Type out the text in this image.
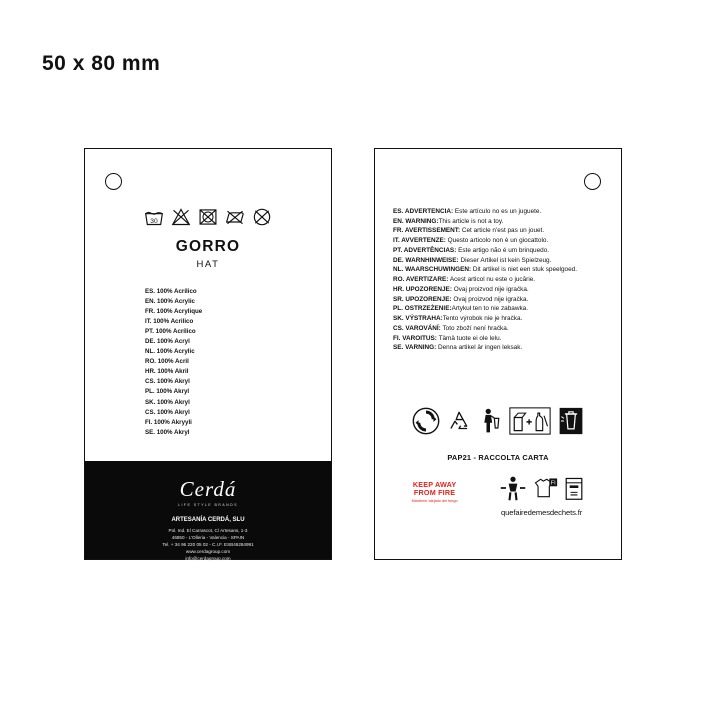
50 x 80 mm
30
GORRO
HAT
ES. 100% Acrílico
EN. 100% Acrylic
FR. 100% Acrylique
IT. 100% Acrilico
PT. 100% Acrílico
DE. 100% Acryl
NL. 100% Acrylic
RO. 100% Acril
HR. 100% Akril
CS. 100% Akryl
PL. 100% Akryl
SK. 100% Akryl
CS. 100% Akryl
FI. 100% Akryyli
SE. 100% Akryl
Cerdá
LIFE STYLE BRANDS
ARTESANÍA CERDÁ, SLU
Pol. Ind. El Carrascot, C/ Artesans, 1-3
46850 - L'Olleria - Valencia - SPAIN
Tel. + 34 96 220 05 02 - C.I.F. ESB46284991
www.cerdagroup.com
info@cerdagroup.com

ES. ADVERTENCIA: Este artículo no es un juguete.

EN. WARNING:This article is not a toy.

FR. AVERTISSEMENT: Cet article n'est pas un jouet.

IT. AVVERTENZE: Questo articolo non è un giocattolo.

PT. ADVERTÊNCIAS: Este artigo não é um brinquedo.

DE. WARNHINWEISE: Dieser Artikel ist kein Spielzeug.

NL. WAARSCHUWINGEN: Dit artikel is niet een stuk speelgoed.

RO. AVERTIZARE: Acest articol nu este o jucărie.

HR. UPOZORENJE: Ovaj proizvod nije igračka.

SR. UPOZORENJE: Ovaj proizvod nije igračka.

PL. OSTRZEŻENIE:Artykuł ten to nie zabawka.

SK. VÝSTRAHA:Tento výrobok nie je hračka.

CS. VAROVÁNÍ: Toto zboží není hračka.

FI. VAROITUS: Tämä tuote ei ole lelu.

SE. VARNING: Denna artikel är ingen leksak.

PAP21 - RACCOLTA CARTA
KEEP AWAY
FROM FIRE
Mantener alejado del fuego
FI
quefairedemesdechets.fr
